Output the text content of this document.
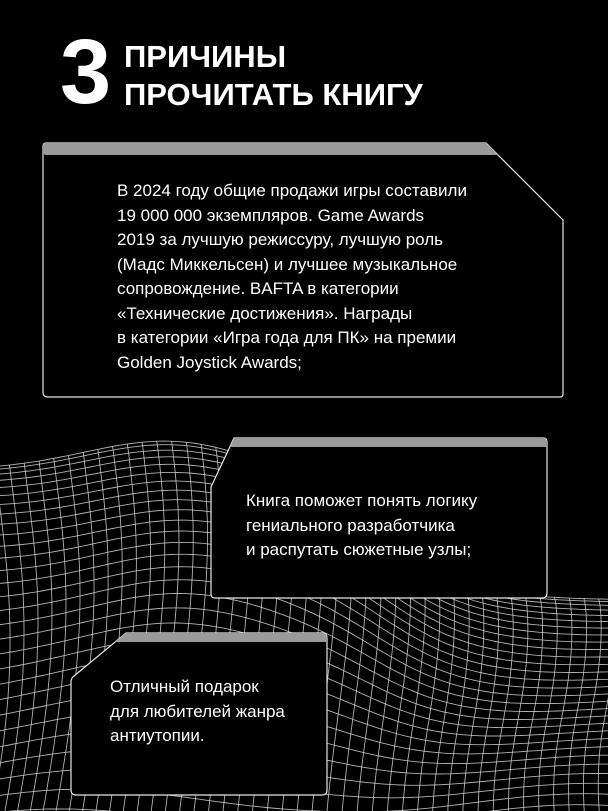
3 ПРИЧИНЫ
ПРОЧИТАТЬ КНИГУ
В 2024 году общие продажи игры составили
19 000 000 экземпляров. Game Awards
2019 за лучшую режиссуру, лучшую роль
(Мадс Миккельсен) и лучшее музыкальное
сопровождение. BAFTA в категории
«Технические достижения». Награды
в категории «Игра года для ПК» на премии
Golden Joystick Awards;
Книга поможет понять логику
гениального разработчика
и распутать сюжетные узлы;
Отличный подарок
для любителей жанра
антиутопии.
